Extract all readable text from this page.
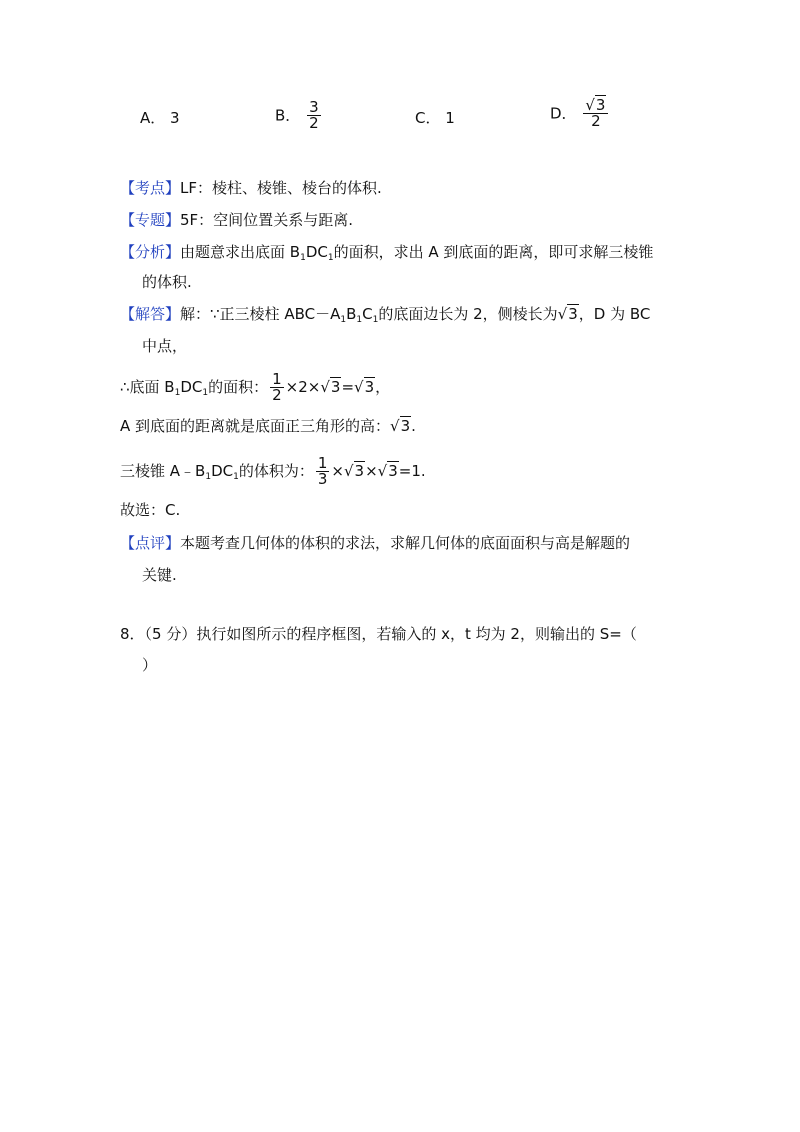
A． 3	B． $\frac{3}{2}$	C． 1	D． $\frac{√3}{2}$
【考点】LF：棱柱、棱锥、棱台的体积.
【专题】5F：空间位置关系与距离.
【分析】由题意求出底面 $B_1DC_1$的面积，求出 A 到底面的距离，即可求解三棱锥
的体积.
【解答】解：∵正三棱柱 $ABC-A_1B_1C_1$的底面边长为 2，侧棱长为√3，D 为 BC
中点，
∴底面 $B_1DC_1$的面积： $\frac{1}{2} \times 2\times√3=√3$，
A 到底面的距离就是底面正三角形的高：√3.
三棱锥 $A﹣B_1DC_1$的体积为： $\frac{1}{3} \times√3\times√3=1$.
故选：C.
【点评】本题考查几何体的体积的求法，求解几何体的底面面积与高是解题的
关键.
8．（5 分）执行如图所示的程序框图，若输入的 x，t 均为 2，则输出的 S=（
）
